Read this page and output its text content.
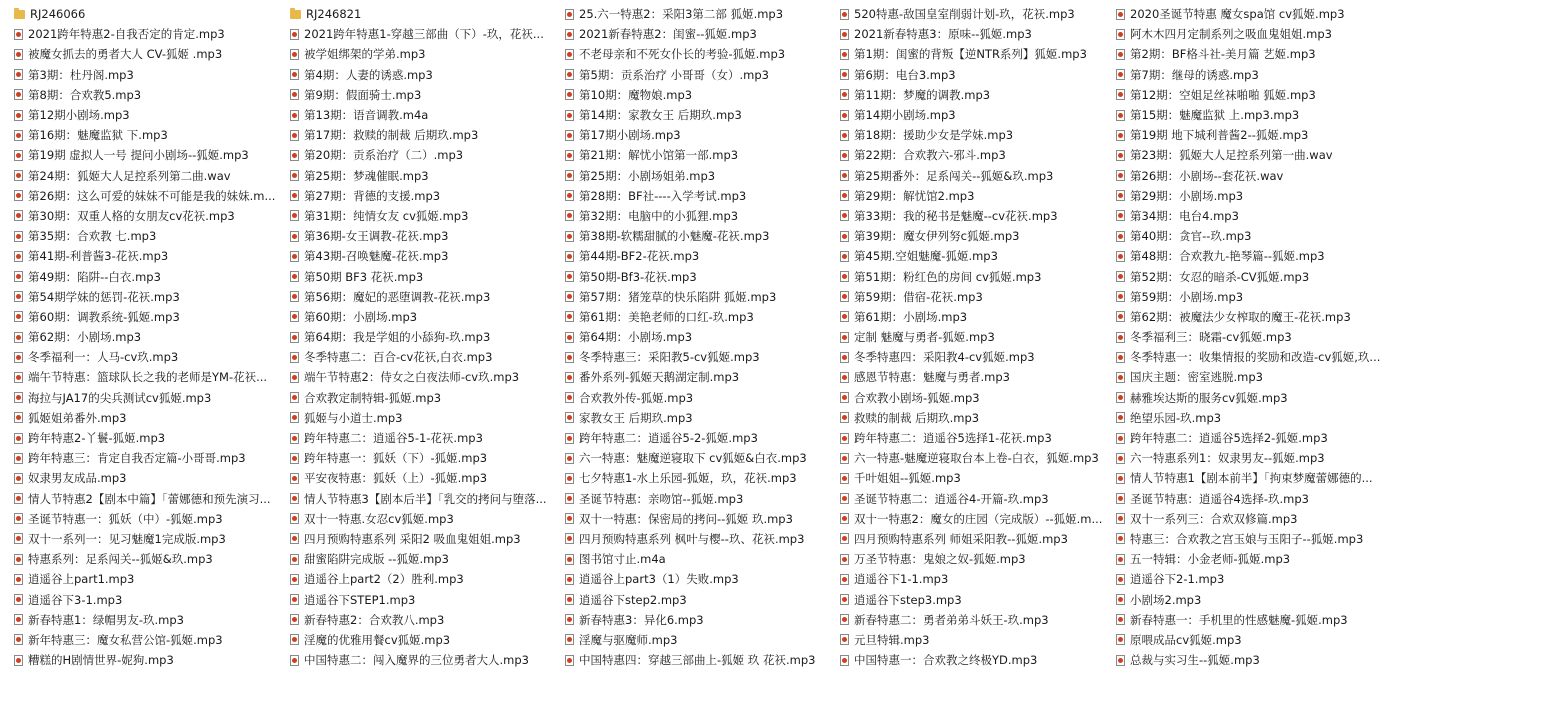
RJ246066
2021跨年特惠2-自我否定的肯定.mp3
被魔女抓去的勇者大人 CV-狐姬 .mp3
第3期：杜丹阁.mp3
第8期：合欢教5.mp3
第12期小剧场.mp3
第16期：魅魔监狱 下.mp3
第19期 虚拟人一号 提问小剧场--狐姬.mp3
第24期：狐姬大人足控系列第二曲.wav
第26期：这么可爱的妹妹不可能是我的妹妹.m...
第30期：双重人格的女朋友cv花祆.mp3
第35期：合欢教 七.mp3
第41期-利普酱3-花祆.mp3
第49期：陷阱--白衣.mp3
第54期学妹的惩罚-花祆.mp3
第60期：调教系统-狐姬.mp3
第62期：小剧场.mp3
冬季福利一：人马-cv玖.mp3
端午节特惠：篮球队长之我的老师是YM-花祆...
海拉与JA17的尖兵测试cv狐姬.mp3
狐姬姐弟番外.mp3
跨年特惠2-丫鬟-狐姬.mp3
跨年特惠三：肯定自我否定篇-小哥哥.mp3
奴隶男友成品.mp3
情人节特惠2【剧本中篇】「蕾娜德和预先演习...
圣诞节特惠一：狐妖（中）-狐姬.mp3
双十一系列一：见习魅魔1完成版.mp3
特惠系列：足系闯关--狐姬&玖.mp3
逍遥谷上part1.mp3
逍遥谷下3-1.mp3
新春特惠1：绿帽男友-玖.mp3
新年特惠三：魔女私营公馆-狐姬.mp3
糟糕的H剧情世界-妮狗.mp3
RJ246821
2021跨年特惠1-穿越三部曲（下）-玖，花祆...
被学姐绑架的学弟.mp3
第4期：人妻的诱惑.mp3
第9期：假面骑士.mp3
第13期：语音调教.m4a
第17期：救赎的制裁 后期玖.mp3
第20期：贡系治疗（二）.mp3
第25期：梦魂催眠.mp3
第27期：背德的支援.mp3
第31期：纯情女友 cv狐姬.mp3
第36期-女王调教-花祆.mp3
第43期-召唤魅魔-花祆.mp3
第50期 BF3 花祆.mp3
第56期：魔妃的恶堕调教-花祆.mp3
第60期：小剧场.mp3
第64期：我是学姐的小舔狗-玖.mp3
冬季特惠二：百合-cv花祆,白衣.mp3
端午节特惠2：侍女之白夜法师-cv玖.mp3
合欢教定制特辑-狐姬.mp3
狐姬与小道士.mp3
跨年特惠二：逍遥谷5-1-花祆.mp3
跨年特惠一：狐妖（下）-狐姬.mp3
平安夜特惠：狐妖（上）-狐姬.mp3
情人节特惠3【剧本后半】「乳交的拷问与堕落...
双十一特惠.女忍cv狐姬.mp3
四月预购特惠系列 采阳2 吸血鬼姐姐.mp3
甜蜜陷阱完成版 --狐姬.mp3
逍遥谷上part2（2）胜利.mp3
逍遥谷下STEP1.mp3
新春特惠2：合欢教八.mp3
淫魔的优雅用餐cv狐姬.mp3
中国特惠二：闯入魔界的三位勇者大人.mp3
25.六一特惠2：采阳3第二部 狐姬.mp3
2021新春特惠2：闺蜜--狐姬.mp3
不老母亲和不死女仆长的考验-狐姬.mp3
第5期：贡系治疗 小哥哥（女）.mp3
第10期：魔物娘.mp3
第14期：家教女王 后期玖.mp3
第17期小剧场.mp3
第21期：解忧小馆第一部.mp3
第25期：小剧场姐弟.mp3
第28期：BF社----入学考试.mp3
第32期：电脑中的小狐狸.mp3
第38期-软糯甜腻的小魅魔-花祆.mp3
第44期-BF2-花祆.mp3
第50期-Bf3-花祆.mp3
第57期：猪笼草的快乐陷阱 狐姬.mp3
第61期：美艳老师的口红-玖.mp3
第64期：小剧场.mp3
冬季特惠三：采阳教5-cv狐姬.mp3
番外系列-狐姬天鹅湖定制.mp3
合欢教外传-狐姬.mp3
家教女王 后期玖.mp3
跨年特惠二：逍遥谷5-2-狐姬.mp3
六一特惠：魅魔逆寝取下 cv狐姬&白衣.mp3
七夕特惠1-水上乐园-狐姬，玖，花祆.mp3
圣诞节特惠：亲吻馆--狐姬.mp3
双十一特惠：保密局的拷问--狐姬 玖.mp3
四月预购特惠系列 枫叶与樱--玖、花祆.mp3
图书馆寸止.m4a
逍遥谷上part3（1）失败.mp3
逍遥谷下step2.mp3
新春特惠3：异化6.mp3
淫魔与驱魔师.mp3
中国特惠四：穿越三部曲上-狐姬 玖 花祆.mp3
520特惠-敌国皇室削弱计划-玖，花祆.mp3
2021新春特惠3：原味--狐姬.mp3
第1期：闺蜜的背叛【逆NTR系列】狐姬.mp3
第6期：电台3.mp3
第11期：梦魔的调教.mp3
第14期小剧场.mp3
第18期：援助少女是学妹.mp3
第22期：合欢教六-邪斗.mp3
第25期番外：足系闯关--狐姬&玖.mp3
第29期：解忧馆2.mp3
第33期：我的秘书是魅魔--cv花祆.mp3
第39期：魔女伊列努c狐姬.mp3
第45期.空姐魅魔-狐姬.mp3
第51期：粉红色的房间 cv狐姬.mp3
第59期：借宿-花祆.mp3
第61期：小剧场.mp3
定制 魅魔与勇者-狐姬.mp3
冬季特惠四：采阳教4-cv狐姬.mp3
感恩节特惠：魅魔与勇者.mp3
合欢教小剧场-狐姬.mp3
救赎的制裁 后期玖.mp3
跨年特惠二：逍遥谷5选择1-花祆.mp3
六一特惠-魅魔逆寝取台本上卷-白衣，狐姬.mp3
千叶姐姐--狐姬.mp3
圣诞节特惠二：逍遥谷4-开篇-玖.mp3
双十一特惠2：魔女的庄园（完成版）--狐姬.m...
四月预购特惠系列 师姐采阳教--狐姬.mp3
万圣节特惠：鬼娘之奴-狐姬.mp3
逍遥谷下1-1.mp3
逍遥谷下step3.mp3
新春特惠二：勇者弟弟斗妖王-玖.mp3
元旦特辑.mp3
中国特惠一：合欢教之终极YD.mp3
2020圣诞节特惠 魔女spa馆 cv狐姬.mp3
阿木木四月定制系列之吸血鬼姐姐.mp3
第2期：BF格斗社-美月篇 艺姬.mp3
第7期：继母的诱惑.mp3
第12期：空姐足丝袜啪啪 狐姬.mp3
第15期：魅魔监狱 上.mp3.mp3
第19期 地下城利普酱2--狐姬.mp3
第23期：狐姬大人足控系列第一曲.wav
第26期：小剧场--套花祆.wav
第29期：小剧场.mp3
第34期：电台4.mp3
第40期：贪官--玖.mp3
第48期：合欢教九-艳琴篇--狐姬.mp3
第52期：女忍的暗杀-CV狐姬.mp3
第59期：小剧场.mp3
第62期：被魔法少女榨取的魔王-花祆.mp3
冬季福利三：晓霜-cv狐姬.mp3
冬季特惠一：收集情报的奖励和改造-cv狐姬,玖...
国庆主题：密室逃脱.mp3
赫雅埃达斯的服务cv狐姬.mp3
绝望乐园-玖.mp3
跨年特惠二：逍遥谷5选择2-狐姬.mp3
六一特惠系列1：奴隶男友--狐姬.mp3
情人节特惠1【剧本前半】「拘束梦魔蕾娜德的...
圣诞节特惠：逍遥谷4选择-玖.mp3
双十一系列三：合欢双修篇.mp3
特惠三：合欢教之宫玉娘与玉阳子--狐姬.mp3
五一特辑：小金老师-狐姬.mp3
逍遥谷下2-1.mp3
小剧场2.mp3
新春特惠一：手机里的性感魅魔-狐姬.mp3
原喂成品cv狐姬.mp3
总裁与实习生--狐姬.mp3
